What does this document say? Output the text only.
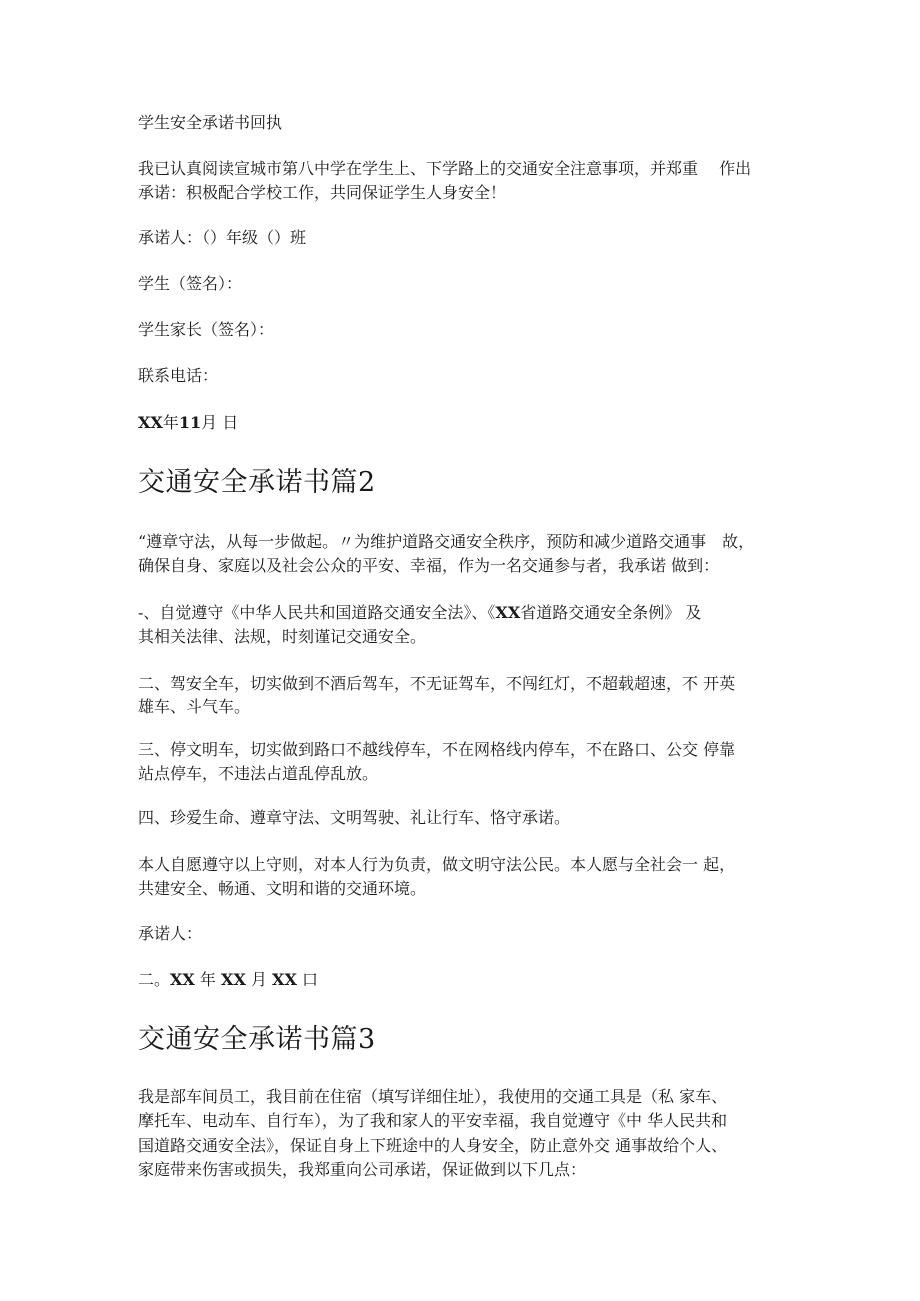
学生安全承诺书回执
我已认真阅读宣城市第八中学在学生上、下学路上的交通安全注意事项，并郑重　 作出
承诺：积极配合学校工作，共同保证学生人身安全！
承诺人：（）年级（）班
学生（签名）：
学生家长（签名）：
联系电话：
XX年11月 日
交通安全承诺书篇2
“遵章守法，从每一步做起。〃为维护道路交通安全秩序，预防和减少道路交通事　故，
确保自身、家庭以及社会公众的平安、幸福，作为一名交通参与者，我承诺 做到：
-、自觉遵守《中华人民共和国道路交通安全法》、《XX省道路交通安全条例》 及
其相关法律、法规，时刻谨记交通安全。
二、驾安全车，切实做到不酒后驾车，不无证驾车，不闯红灯，不超载超速，不 开英
雄车、斗气车。
三、停文明车，切实做到路口不越线停车，不在网格线内停车，不在路口、公交 停靠
站点停车，不违法占道乱停乱放。
四、珍爱生命、遵章守法、文明驾驶、礼让行车、恪守承诺。
本人自愿遵守以上守则，对本人行为负责，做文明守法公民。本人愿与全社会一 起，
共建安全、畅通、文明和谐的交通环境。
承诺人：
二。XX 年 XX 月 XX 口
交通安全承诺书篇3
我是部车间员工，我目前在住宿（填写详细住址），我使用的交通工具是（私 家车、
摩托车、电动车、自行车），为了我和家人的平安幸福，我自觉遵守《中 华人民共和
国道路交通安全法》，保证自身上下班途中的人身安全，防止意外交 通事故给个人、
家庭带来伤害或损失，我郑重向公司承诺，保证做到以下几点：
